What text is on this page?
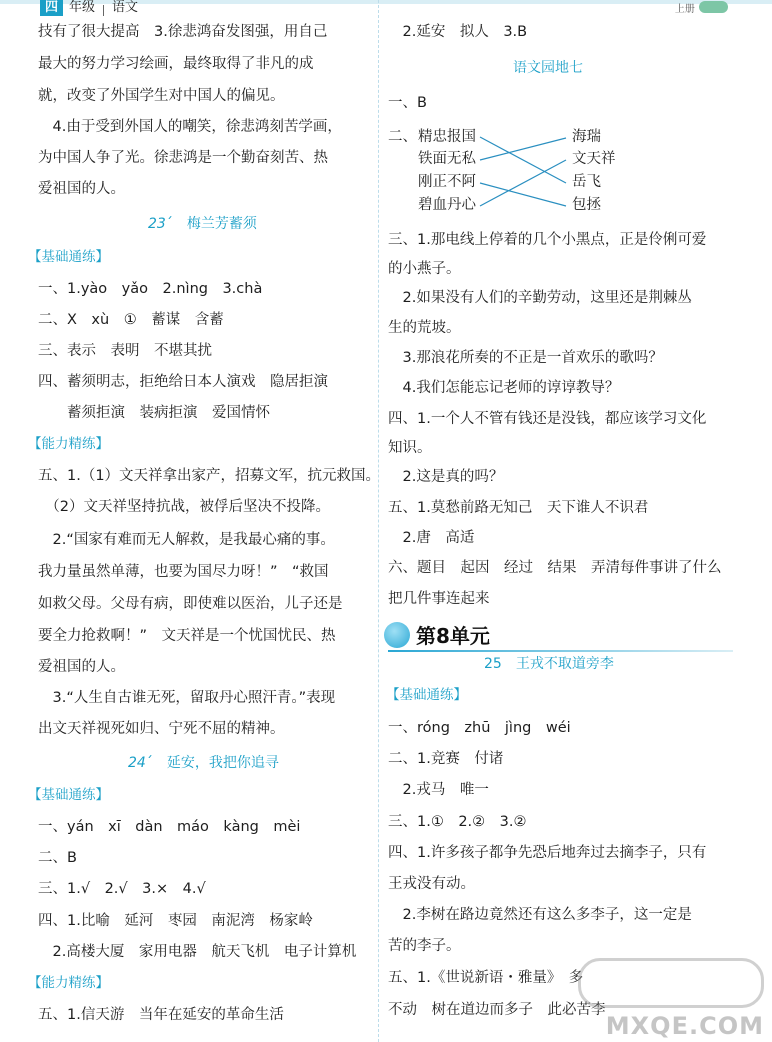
四 年级	语文	上册

技有了很大提高　3.徐悲鸿奋发图强，用自己
最大的努力学习绘画，最终取得了非凡的成
就，改变了外国学生对中国人的偏见。
　4.由于受到外国人的嘲笑，徐悲鸿刻苦学画，
为中国人争了光。徐悲鸿是一个勤奋刻苦、热
爱祖国的人。
23ˊ　梅兰芳蓄须
【基础通练】
一、1.yào　yǎo　2.nìng　3.chà
二、X　xù　①　蓄谋　含蓄
三、表示　表明　不堪其扰
四、蓄须明志，拒绝给日本人演戏　隐居拒演
　　蓄须拒演　装病拒演　爱国情怀
【能力精练】
五、1.（1）文天祥拿出家产，招募文军，抗元救国。
　（2）文天祥坚持抗战，被俘后坚决不投降。
　2.“国家有难而无人解救，是我最心痛的事。
我力量虽然单薄，也要为国尽力呀！”　“救国
如救父母。父母有病，即使难以医治，儿子还是
要全力抢救啊！”　文天祥是一个忧国忧民、热
爱祖国的人。
　3.“人生自古谁无死，留取丹心照汗青。”表现
出文天祥视死如归、宁死不屈的精神。
24ˊ　延安，我把你追寻
【基础通练】
一、yán　xī　dàn　máo　kàng　mèi
二、B
三、1.√　2.√　3.×　4.√
四、1.比喻　延河　枣园　南泥湾　杨家岭
　2.高楼大厦　家用电器　航天飞机　电子计算机
【能力精练】
五、1.信天游　当年在延安的革命生活
　2.延安　拟人　3.B
语文园地七
一、B
二、 精忠报国
铁面无私
刚正不阿
碧血丹心
海瑞
文天祥
岳飞
包拯
三、1.那电线上停着的几个小黑点，正是伶俐可爱
的小燕子。
　2.如果没有人们的辛勤劳动，这里还是荆棘丛
生的荒坡。
　3.那浪花所奏的不正是一首欢乐的歌吗？
　4.我们怎能忘记老师的谆谆教导？
四、1.一个人不管有钱还是没钱，都应该学习文化
知识。
　2.这是真的吗？
五、1.莫愁前路无知己　天下谁人不识君
　2.唐　高适
六、题目　起因　经过　结果　弄清每件事讲了什么
把几件事连起来
第8单元
25　 王戎不取道旁李
【基础通练】
一、róng　zhū　jìng　wéi
二、1.竞赛　付诸
　2.戎马　唯一
三、1.①　2.②　3.②
四、1.许多孩子都争先恐后地奔过去摘李子，只有
王戎没有动。
　2.李树在路边竟然还有这么多李子，这一定是
苦的李子。
五、1.《世说新语・雅量》　多
不动　树在道边而多子　此必苦李
MXQE.COM
